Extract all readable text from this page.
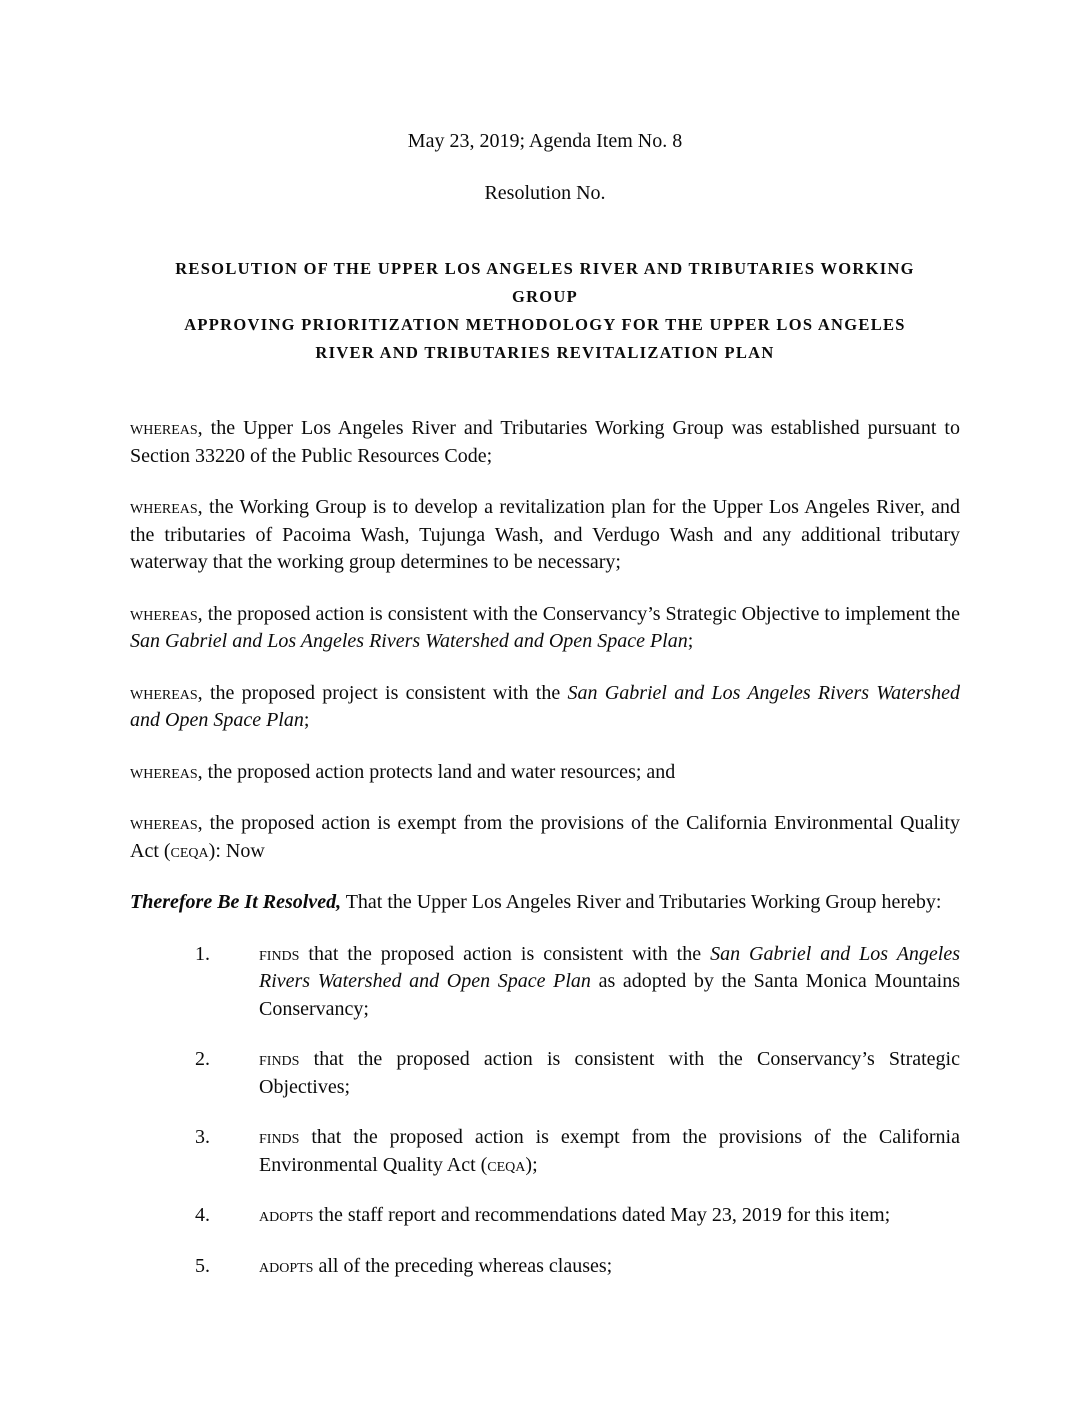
May 23, 2019; Agenda Item No. 8
Resolution No.
RESOLUTION OF THE UPPER LOS ANGELES RIVER AND TRIBUTARIES WORKING GROUP
APPROVING PRIORITIZATION METHODOLOGY FOR THE UPPER LOS ANGELES
RIVER AND TRIBUTARIES REVITALIZATION PLAN

whereas, the Upper Los Angeles River and Tributaries Working Group was established pursuant to Section 33220 of the Public Resources Code;

whereas, the Working Group is to develop a revitalization plan for the Upper Los Angeles River, and the tributaries of Pacoima Wash, Tujunga Wash, and Verdugo Wash and any additional tributary waterway that the working group determines to be necessary;

whereas, the proposed action is consistent with the Conservancy’s Strategic Objective to implement the San Gabriel and Los Angeles Rivers Watershed and Open Space Plan;

whereas, the proposed project is consistent with the San Gabriel and Los Angeles Rivers Watershed and Open Space Plan;

whereas, the proposed action protects land and water resources; and

whereas, the proposed action is exempt from the provisions of the California Environmental Quality Act (ceqa): Now

Therefore Be It Resolved, That the Upper Los Angeles River and Tributaries Working Group hereby:

1.	finds that the proposed action is consistent with the San Gabriel and Los Angeles Rivers Watershed and Open Space Plan as adopted by the Santa Monica Mountains Conservancy;
2.	finds that the proposed action is consistent with the Conservancy’s Strategic Objectives;
3.	finds that the proposed action is exempt from the provisions of the California Environmental Quality Act (ceqa);
4.	adopts the staff report and recommendations dated May 23, 2019 for this item;
5.	adopts all of the preceding whereas clauses;
